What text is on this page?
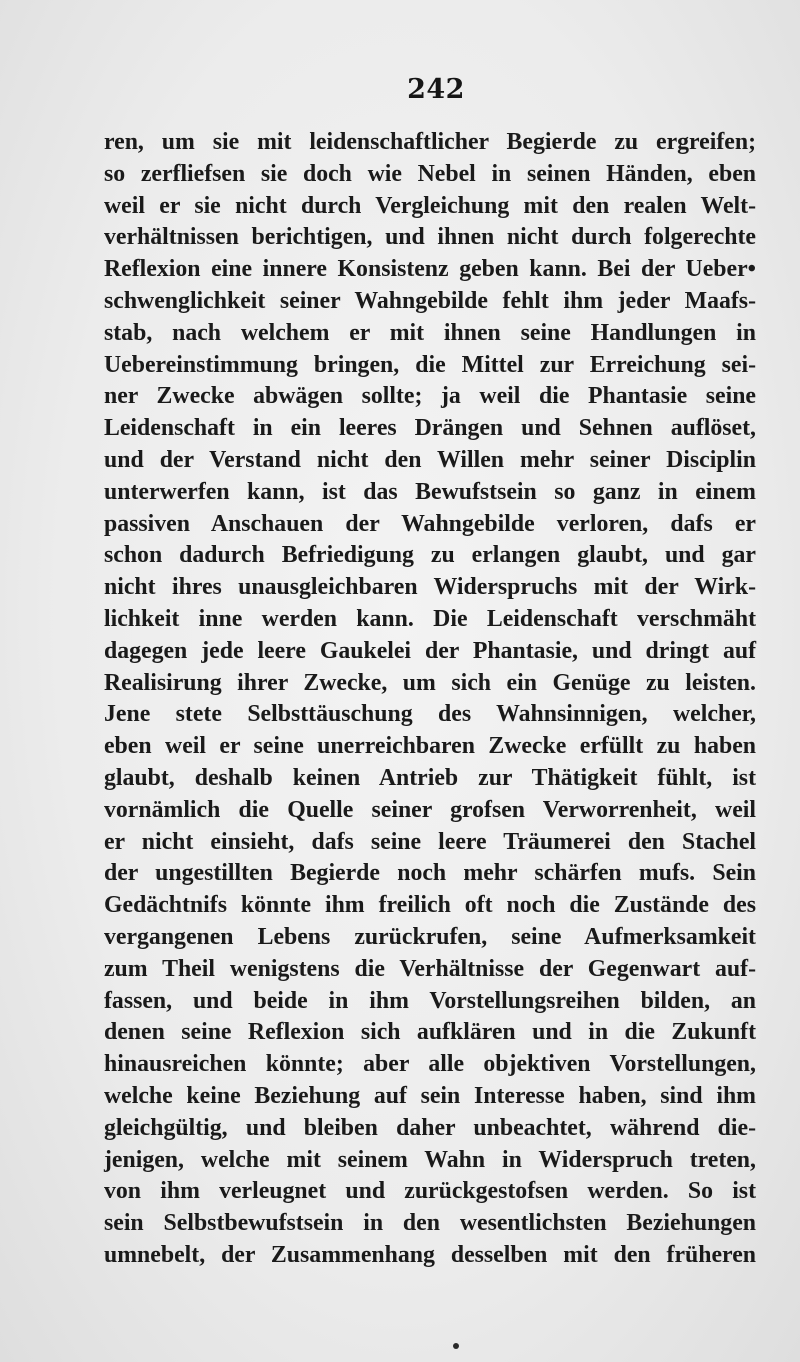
242
ren, um sie mit leidenschaftlicher Begierde zu ergreifen;
so zerfliefsen sie doch wie Nebel in seinen Händen, eben
weil er sie nicht durch Vergleichung mit den realen Welt-
verhältnissen berichtigen, und ihnen nicht durch folgerechte
Reflexion eine innere Konsistenz geben kann. Bei der Ueber•
schwenglichkeit seiner Wahngebilde fehlt ihm jeder Maafs-
stab, nach welchem er mit ihnen seine Handlungen in
Uebereinstimmung bringen, die Mittel zur Erreichung sei-
ner Zwecke abwägen sollte; ja weil die Phantasie seine
Leidenschaft in ein leeres Drängen und Sehnen auflöset,
und der Verstand nicht den Willen mehr seiner Disciplin
unterwerfen kann, ist das Bewufstsein so ganz in einem
passiven Anschauen der Wahngebilde verloren, dafs er
schon dadurch Befriedigung zu erlangen glaubt, und gar
nicht ihres unausgleichbaren Widerspruchs mit der Wirk-
lichkeit inne werden kann. Die Leidenschaft verschmäht
dagegen jede leere Gaukelei der Phantasie, und dringt auf
Realisirung ihrer Zwecke, um sich ein Genüge zu leisten.
Jene stete Selbsttäuschung des Wahnsinnigen, welcher,
eben weil er seine unerreichbaren Zwecke erfüllt zu haben
glaubt, deshalb keinen Antrieb zur Thätigkeit fühlt, ist
vornämlich die Quelle seiner grofsen Verworrenheit, weil
er nicht einsieht, dafs seine leere Träumerei den Stachel
der ungestillten Begierde noch mehr schärfen mufs. Sein
Gedächtnifs könnte ihm freilich oft noch die Zustände des
vergangenen Lebens zurückrufen, seine Aufmerksamkeit
zum Theil wenigstens die Verhältnisse der Gegenwart auf-
fassen, und beide in ihm Vorstellungsreihen bilden, an
denen seine Reflexion sich aufklären und in die Zukunft
hinausreichen könnte; aber alle objektiven Vorstellungen,
welche keine Beziehung auf sein Interesse haben, sind ihm
gleichgültig, und bleiben daher unbeachtet, während die-
jenigen, welche mit seinem Wahn in Widerspruch treten,
von ihm verleugnet und zurückgestofsen werden. So ist
sein Selbstbewufstsein in den wesentlichsten Beziehungen
umnebelt, der Zusammenhang desselben mit den früheren
